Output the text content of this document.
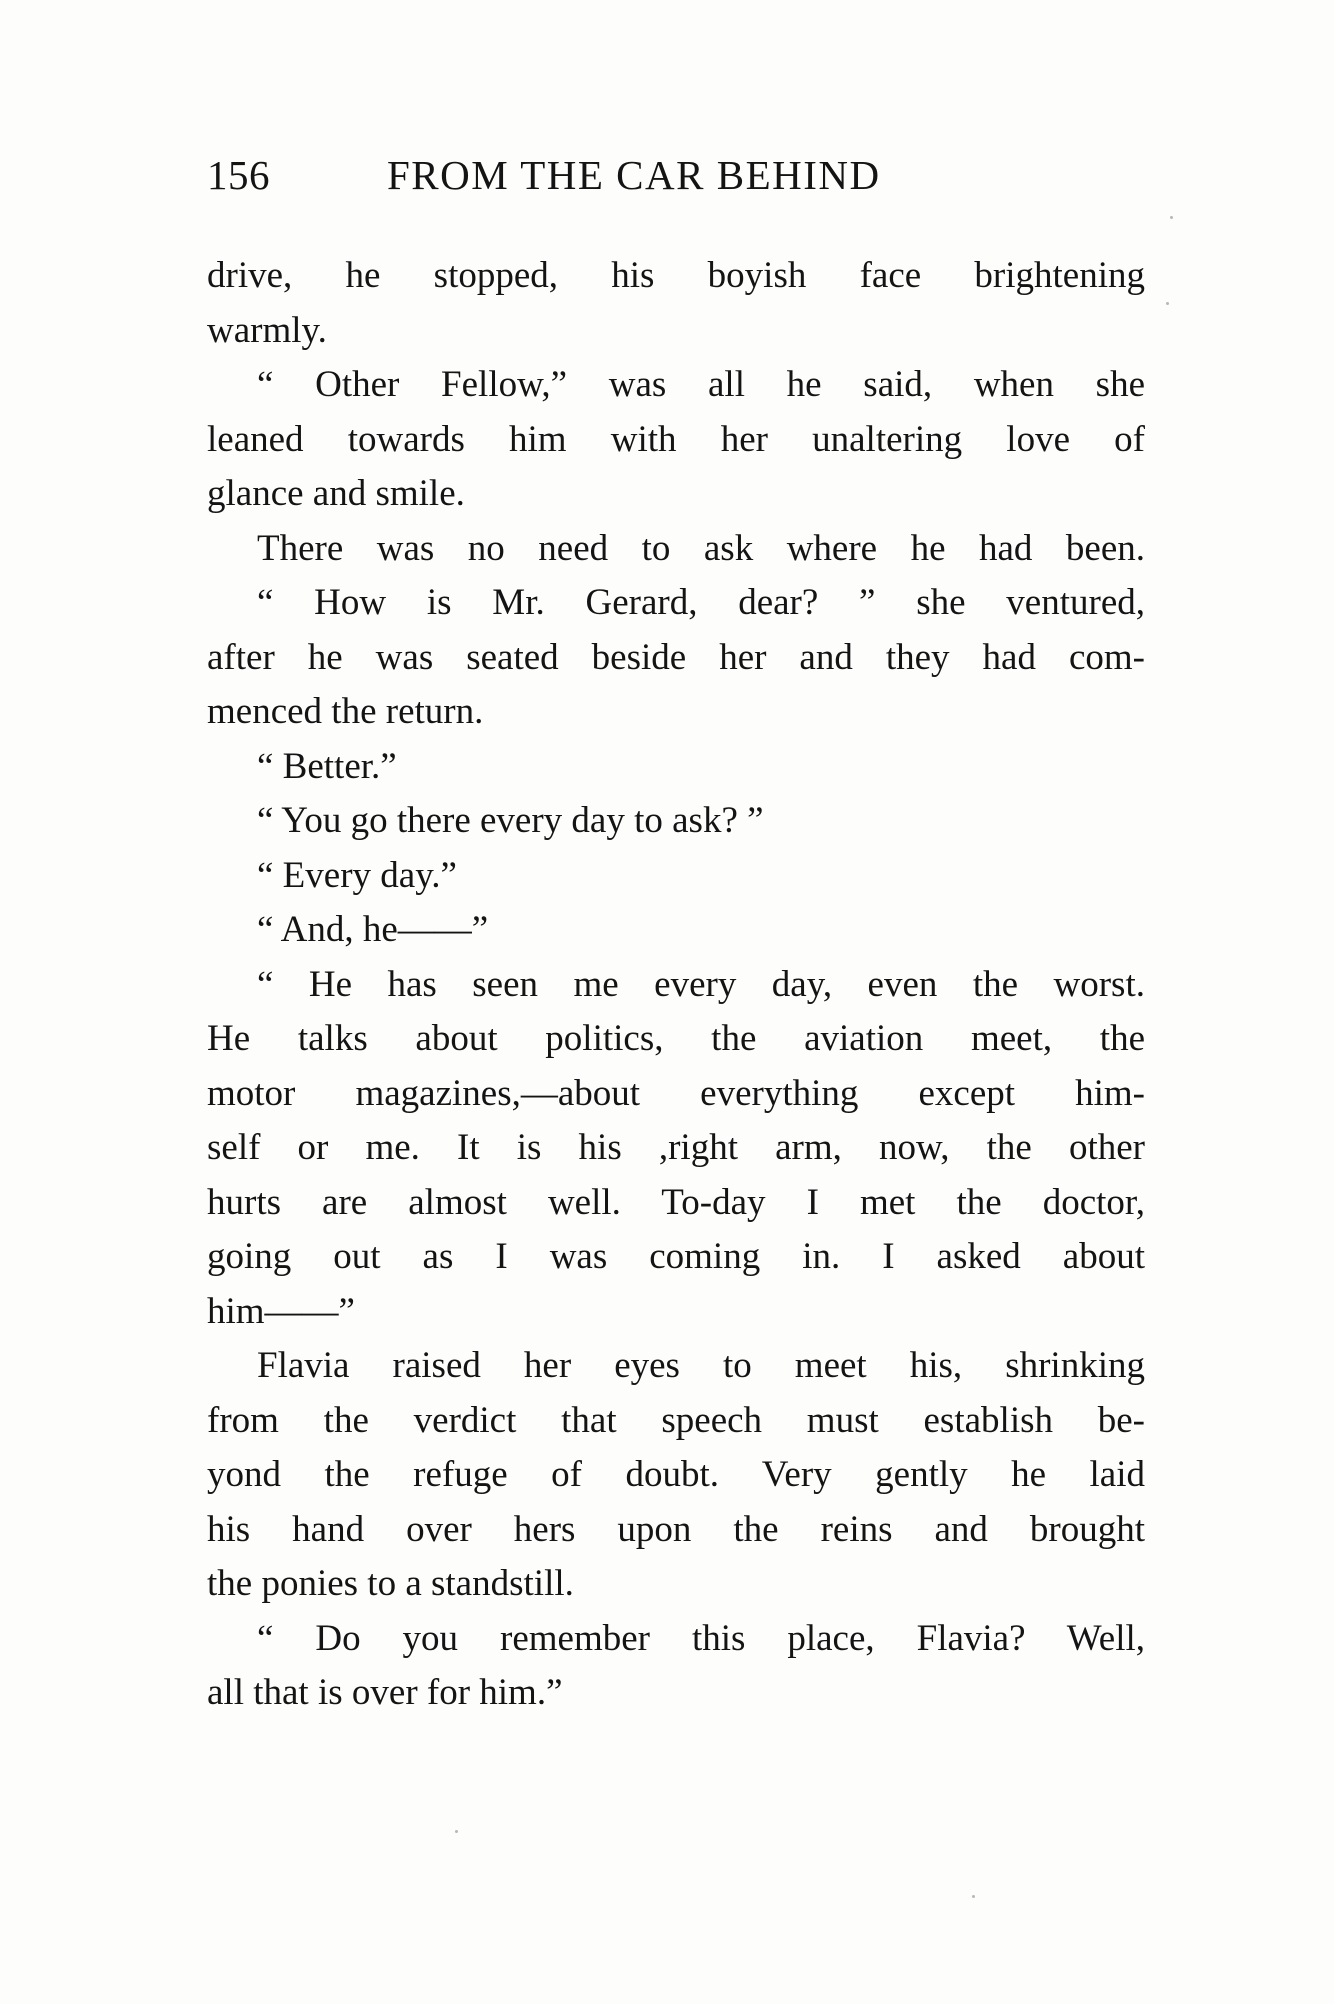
156	FROM THE CAR BEHIND
drive, he stopped, his boyish face brightening
warmly.
“ Other Fellow,” was all he said, when she
leaned towards him with her unaltering love of
glance and smile.
There was no need to ask where he had been.
“ How is Mr. Gerard, dear? ” she ventured,
after he was seated beside her and they had com-
menced the return.
“ Better.”
“ You go there every day to ask? ”
“ Every day.”
“ And, he——”
“ He has seen me every day, even the worst.
He talks about politics, the aviation meet, the
motor magazines,—about everything except him-
self or me. It is his ,right arm, now, the other
hurts are almost well. To-day I met the doctor,
going out as I was coming in. I asked about
him——”
Flavia raised her eyes to meet his, shrinking
from the verdict that speech must establish be-
yond the refuge of doubt. Very gently he laid
his hand over hers upon the reins and brought
the ponies to a standstill.
“ Do you remember this place, Flavia? Well,
all that is over for him.”
